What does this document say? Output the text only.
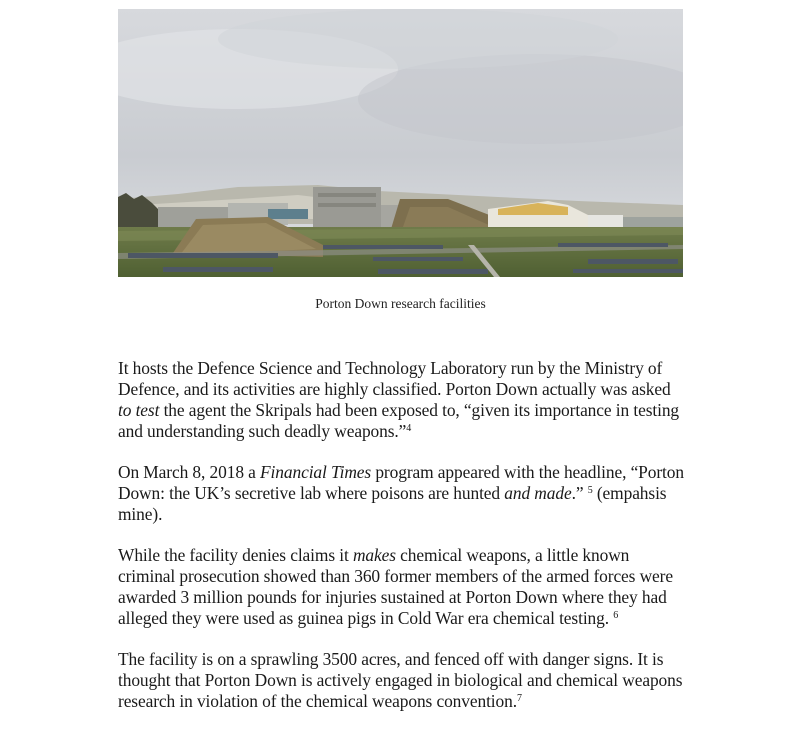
Porton Down research facilities

It hosts the Defence Science and Technology Laboratory run by the Ministry of Defence, and its activities are highly classified. Porton Down actually was asked to test the agent the Skripals had been exposed to, “given its importance in testing and understanding such deadly weapons.”$^4$

On March 8, 2018 a Financial Times program appeared with the headline, “Porton Down: the UK’s secretive lab where poisons are hunted and made.” $^5$ (empahsis mine).

While the facility denies claims it makes chemical weapons, a little known criminal prosecution showed than 360 former members of the armed forces were awarded 3 million pounds for injuries sustained at Porton Down where they had alleged they were used as guinea pigs in Cold War era chemical testing. $^6$

The facility is on a sprawling 3500 acres, and fenced off with danger signs. It is thought that Porton Down is actively engaged in biological and chemical weapons research in violation of the chemical weapons convention.$^7$
